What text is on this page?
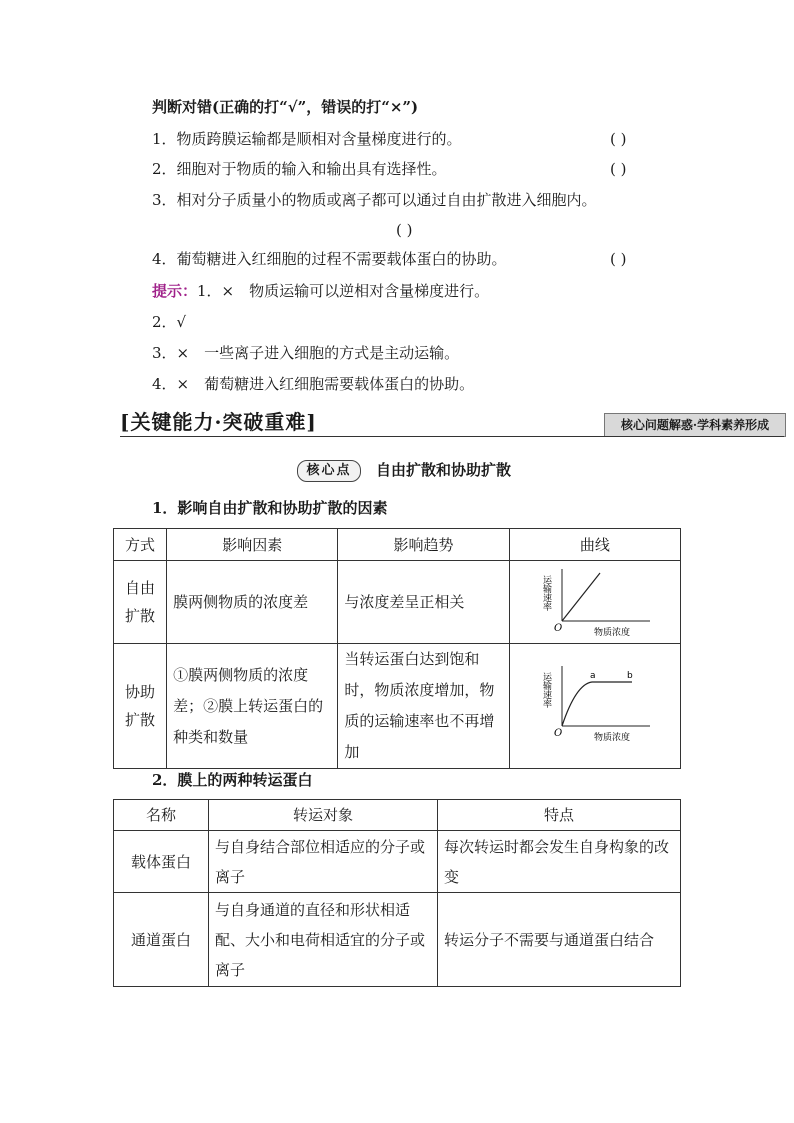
判断对错(正确的打“√”，错误的打“×”)
1．物质跨膜运输都是顺相对含量梯度进行的。	( )
2．细胞对于物质的输入和输出具有选择性。	( )
3．相对分子质量小的物质或离子都可以通过自由扩散进入细胞内。
( )
4．葡萄糖进入红细胞的过程不需要载体蛋白的协助。	( )
提示：1．×　物质运输可以逆相对含量梯度进行。
2．√
3．×　一些离子进入细胞的方式是主动运输。
4．×　葡萄糖进入红细胞需要载体蛋白的协助。
[关键能力·突破重难]	核心问题解惑·学科素养形成
核心点	自由扩散和协助扩散
1．影响自由扩散和协助扩散的因素
方式	影响因素	影响趋势	曲线
自由扩散	膜两侧物质的浓度差	与浓度差呈正相关	运输速率
O 物质浓度

协助扩散	①膜两侧物质的浓度差；②膜上转运蛋白的种类和数量	当转运蛋白达到饱和时，物质浓度增加，物质的运输速率也不再增加	运输速率 a b
O 物质浓度
2．膜上的两种转运蛋白
名称	转运对象	特点
载体蛋白	与自身结合部位相适应的分子或离子	每次转运时都会发生自身构象的改变
通道蛋白	与自身通道的直径和形状相适配、大小和电荷相适宜的分子或离子	转运分子不需要与通道蛋白结合
